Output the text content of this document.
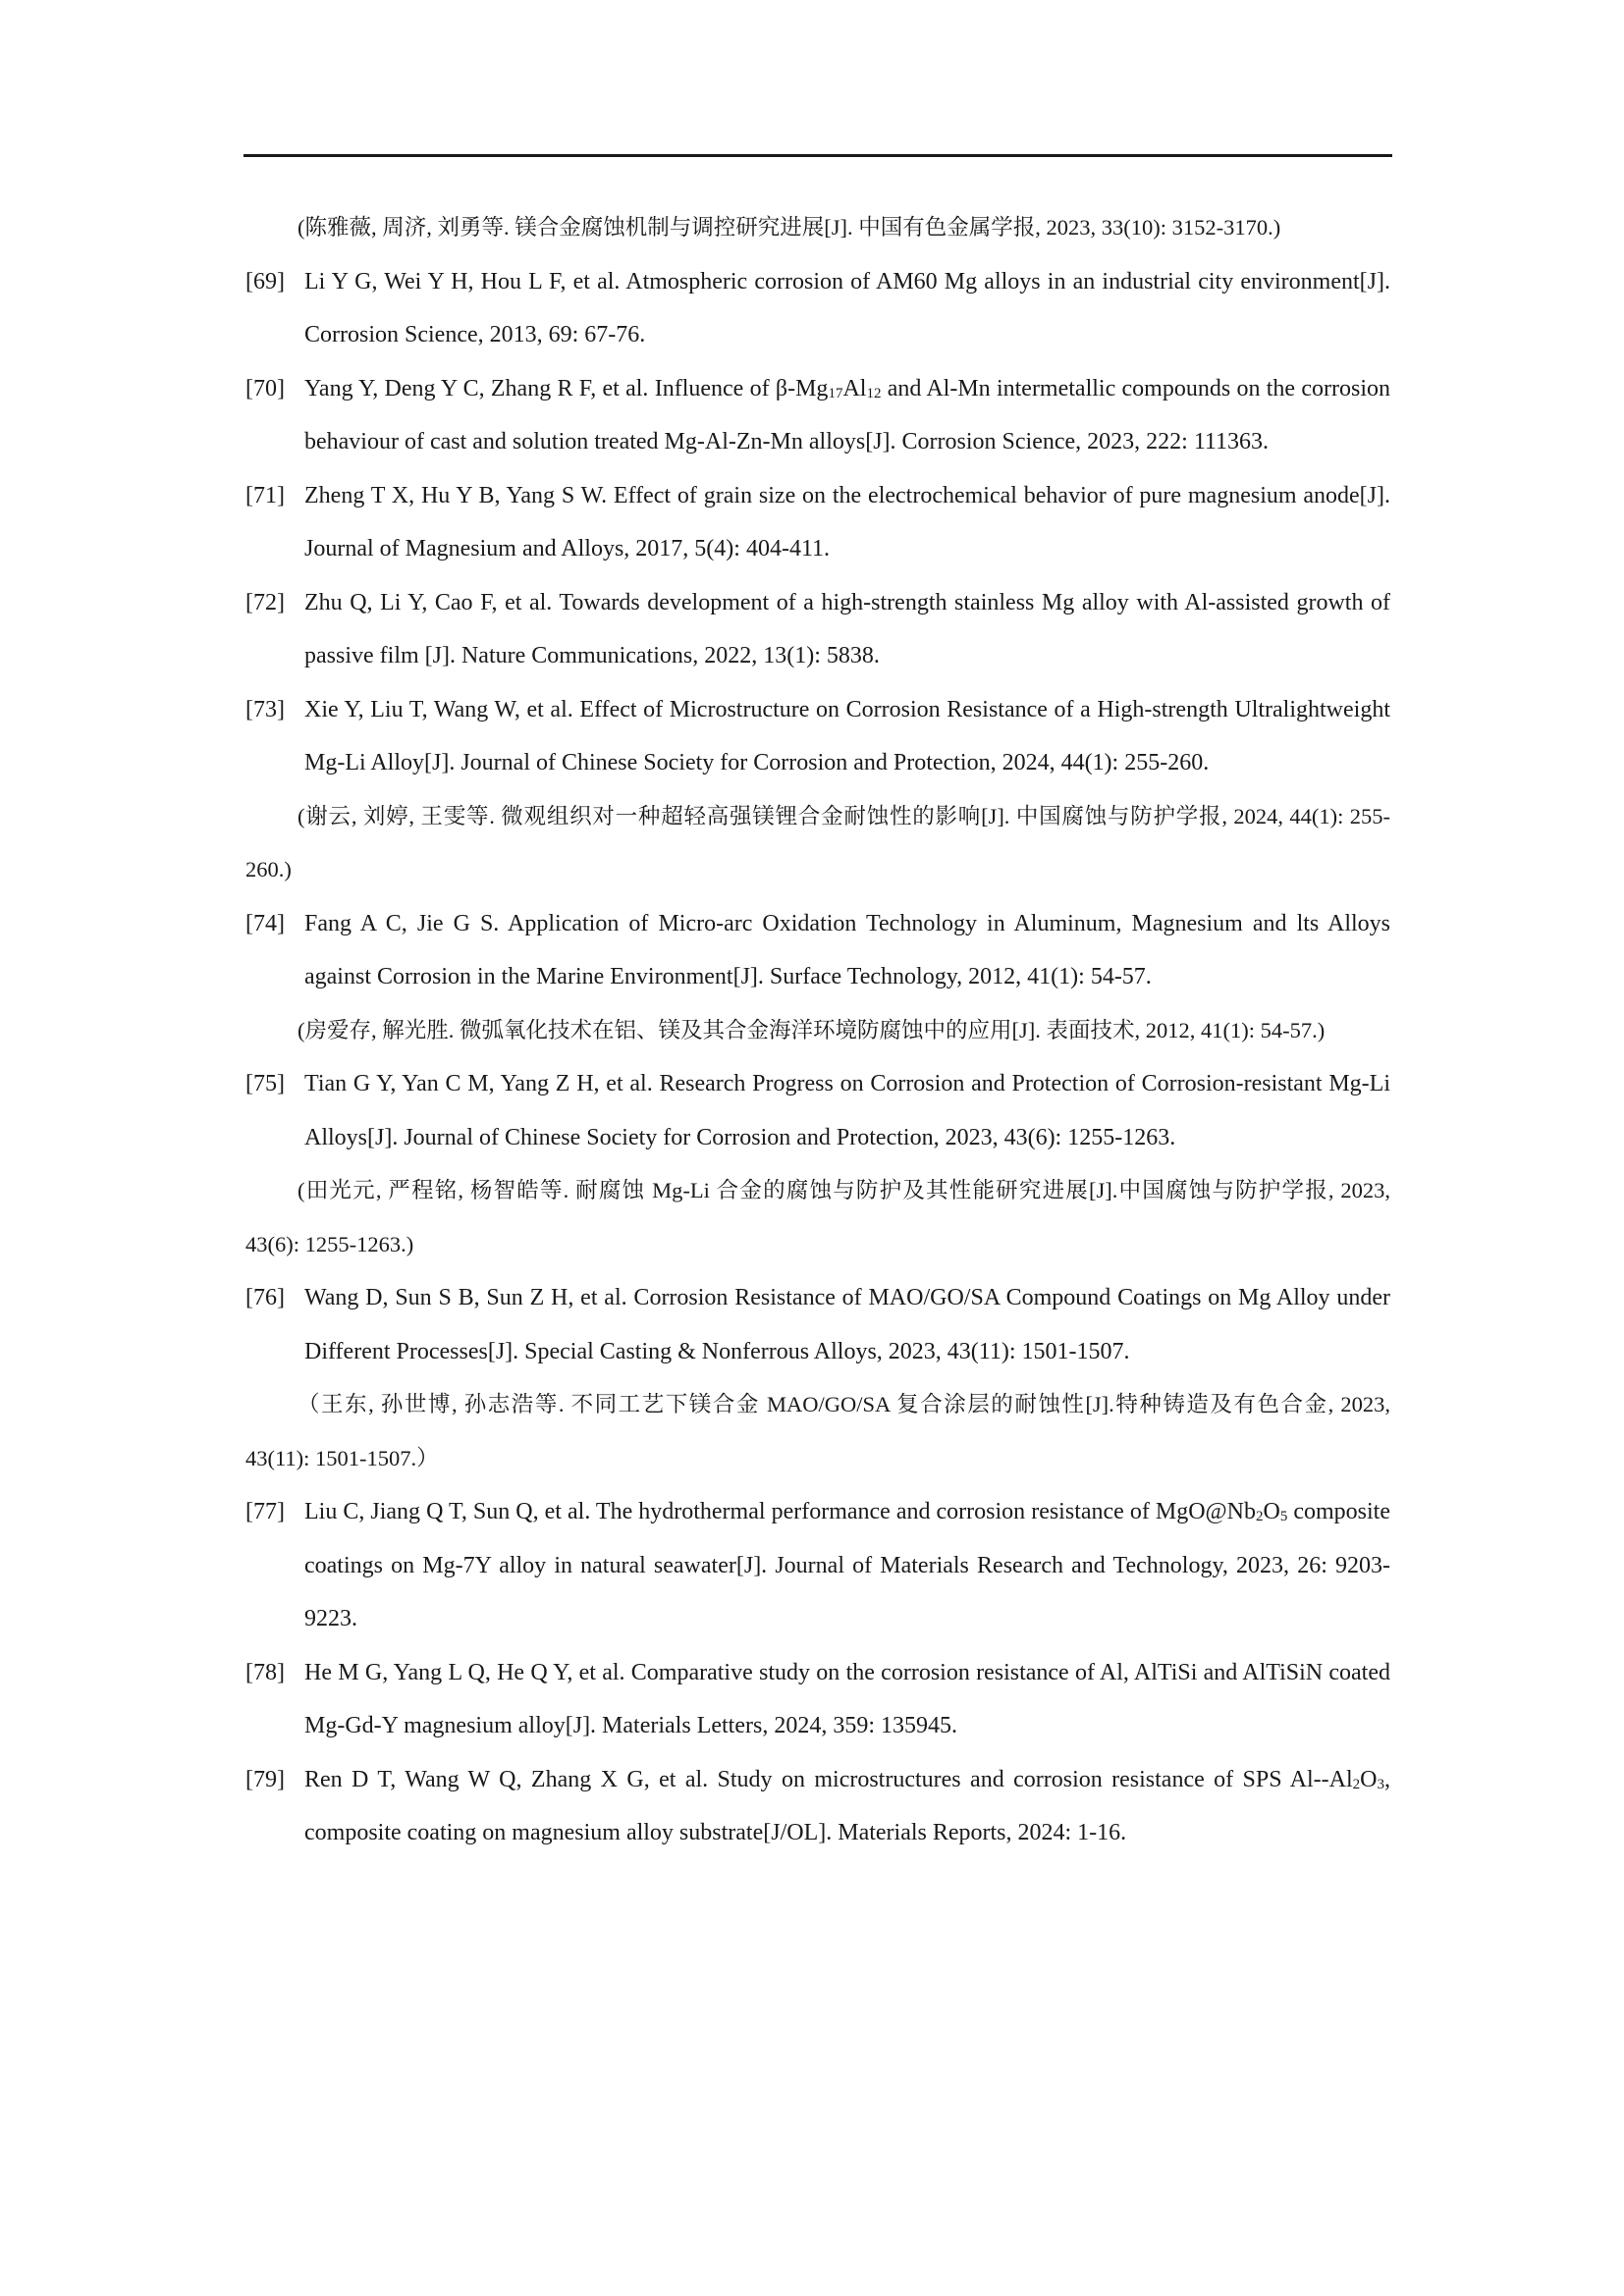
(陈雅薇, 周济, 刘勇等. 镁合金腐蚀机制与调控研究进展[J]. 中国有色金属学报, 2023, 33(10): 3152-3170.)
[69] Li Y G, Wei Y H, Hou L F, et al. Atmospheric corrosion of AM60 Mg alloys in an industrial city environment[J]. Corrosion Science, 2013, 69: 67-76.
[70] Yang Y, Deng Y C, Zhang R F, et al. Influence of $\beta-Mg_{17}Al_{12}$ and Al-Mn intermetallic compounds on the corrosion behaviour of cast and solution treated Mg-Al-Zn-Mn alloys[J]. Corrosion Science, 2023, 222: 111363.
[71] Zheng T X, Hu Y B, Yang S W. Effect of grain size on the electrochemical behavior of pure magnesium anode[J]. Journal of Magnesium and Alloys, 2017, 5(4): 404-411.
[72] Zhu Q, Li Y, Cao F, et al. Towards development of a high-strength stainless Mg alloy with Al-assisted growth of passive film [J]. Nature Communications, 2022, 13(1): 5838.
[73] Xie Y, Liu T, Wang W, et al. Effect of Microstructure on Corrosion Resistance of a High-strength Ultralightweight Mg-Li Alloy[J]. Journal of Chinese Society for Corrosion and Protection, 2024, 44(1): 255-260.
(谢云, 刘婷, 王雯等. 微观组织对一种超轻高强镁锂合金耐蚀性的影响[J]. 中国腐蚀与防护学报, 2024, 44(1): 255-260.)
[74] Fang A C, Jie G S. Application of Micro-arc Oxidation Technology in Aluminum, Magnesium and lts Alloys against Corrosion in the Marine Environment[J]. Surface Technology, 2012, 41(1): 54-57.
(房爱存, 解光胜. 微弧氧化技术在铝、镁及其合金海洋环境防腐蚀中的应用[J]. 表面技术, 2012, 41(1): 54-57.)
[75] Tian G Y, Yan C M, Yang Z H, et al. Research Progress on Corrosion and Protection of Corrosion-resistant Mg-Li Alloys[J]. Journal of Chinese Society for Corrosion and Protection, 2023, 43(6): 1255-1263.
(田光元, 严程铭, 杨智皓等. 耐腐蚀 Mg-Li 合金的腐蚀与防护及其性能研究进展[J].中国腐蚀与防护学报, 2023, 43(6): 1255-1263.)
[76] Wang D, Sun S B, Sun Z H, et al. Corrosion Resistance of MAO/GO/SA Compound Coatings on Mg Alloy under Different Processes[J]. Special Casting & Nonferrous Alloys, 2023, 43(11): 1501-1507.
（王东, 孙世博, 孙志浩等. 不同工艺下镁合金 MAO/GO/SA 复合涂层的耐蚀性[J].特种铸造及有色合金, 2023, 43(11): 1501-1507.）
[77] Liu C, Jiang Q T, Sun Q, et al. The hydrothermal performance and corrosion resistance of $MgO@Nb_2O_5$ composite coatings on Mg-7Y alloy in natural seawater[J]. Journal of Materials Research and Technology, 2023, 26: 9203-9223.
[78] He M G, Yang L Q, He Q Y, et al. Comparative study on the corrosion resistance of Al, AlTiSi and AlTiSiN coated Mg-Gd-Y magnesium alloy[J]. Materials Letters, 2024, 359: 135945.
[79] Ren D T, Wang W Q, Zhang X G, et al. Study on microstructures and corrosion resistance of SPS $Al--Al_2O_3$, composite coating on magnesium alloy substrate[J/OL]. Materials Reports, 2024: 1-16.
